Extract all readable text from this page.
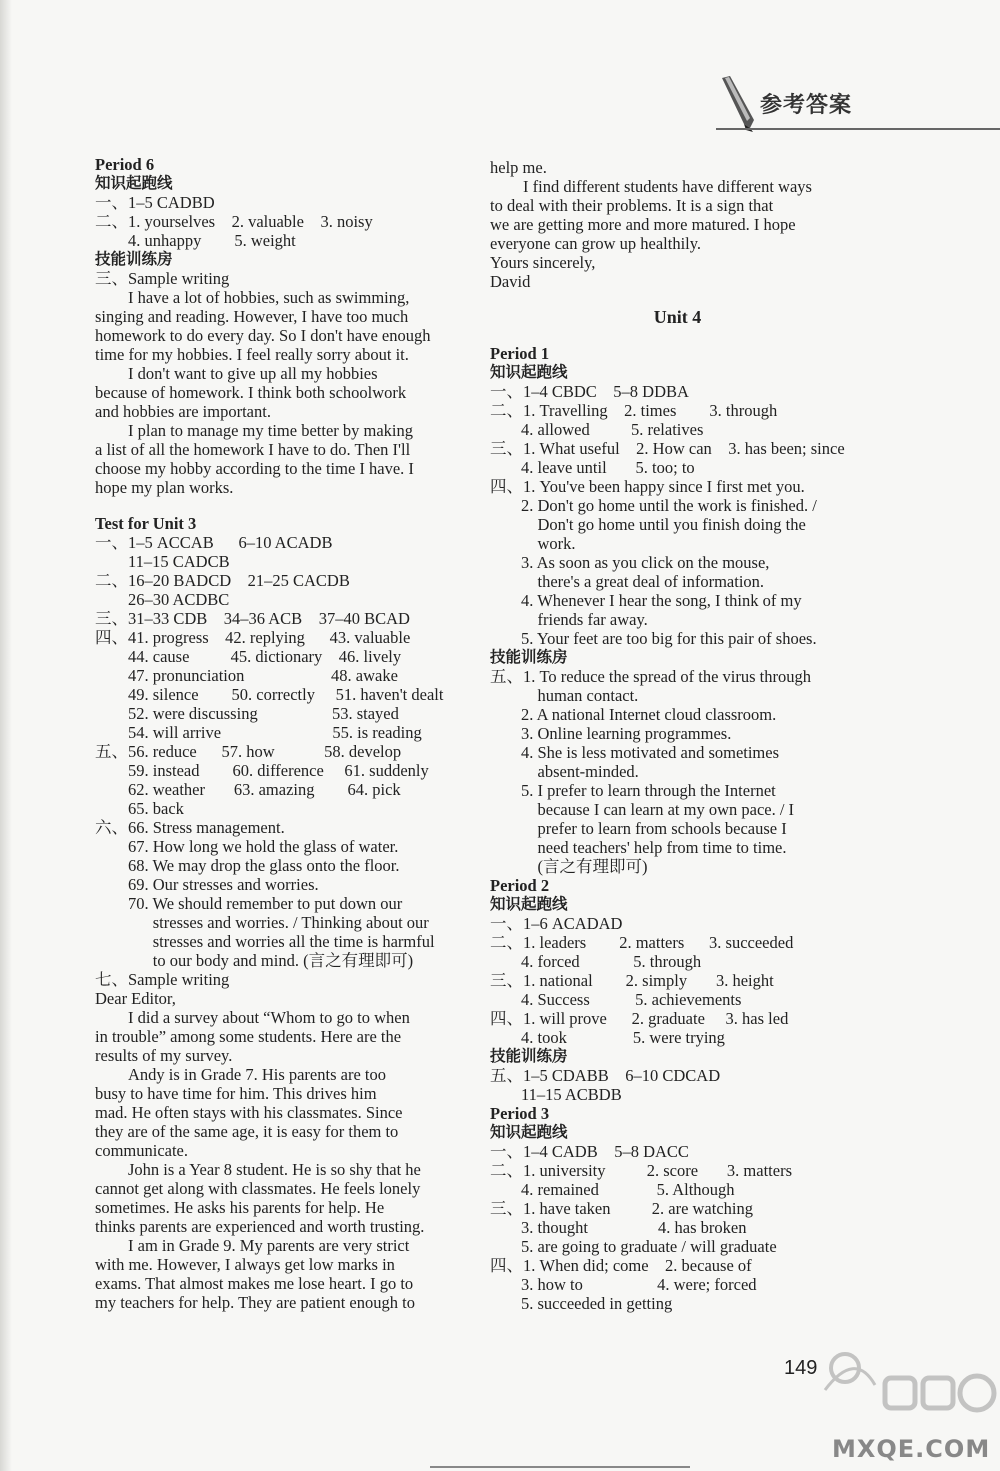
参考答案
Period 6
知识起跑线
一、1–5 CADBD
二、1. yourselves    2. valuable    3. noisy
4. unhappy        5. weight
技能训练房
三、Sample writing
I have a lot of hobbies, such as swimming,
singing and reading. However, I have too much
homework to do every day. So I don't have enough
time for my hobbies. I feel really sorry about it.
I don't want to give up all my hobbies
because of homework. I think both schoolwork
and hobbies are important.
I plan to manage my time better by making
a list of all the homework I have to do. Then I'll
choose my hobby according to the time I have. I
hope my plan works.
Test for Unit 3
一、1–5 ACCAB      6–10 ACADB
11–15 CADCB
二、16–20 BADCD    21–25 CACDB
26–30 ACDBC
三、31–33 CDB    34–36 ACB    37–40 BCAD
四、41. progress    42. replying      43. valuable
44. cause          45. dictionary    46. lively
47. pronunciation                     48. awake
49. silence        50. correctly     51. haven't dealt
52. were discussing                  53. stayed
54. will arrive                           55. is reading
五、56. reduce      57. how            58. develop
59. instead        60. difference     61. suddenly
62. weather       63. amazing        64. pick
65. back
六、66. Stress management.
67. How long we hold the glass of water.
68. We may drop the glass onto the floor.
69. Our stresses and worries.
70. We should remember to put down our
stresses and worries. / Thinking about our
stresses and worries all the time is harmful
to our body and mind. (言之有理即可)
七、Sample writing
Dear Editor,
I did a survey about “Whom to go to when
in trouble” among some students. Here are the
results of my survey.
Andy is in Grade 7. His parents are too
busy to have time for him. This drives him
mad. He often stays with his classmates. Since
they are of the same age, it is easy for them to
communicate.
John is a Year 8 student. He is so shy that he
cannot get along with classmates. He feels lonely
sometimes. He asks his parents for help. He
thinks parents are experienced and worth trusting.
I am in Grade 9. My parents are very strict
with me. However, I always get low marks in
exams. That almost makes me lose heart. I go to
my teachers for help. They are patient enough to
help me.
I find different students have different ways
to deal with their problems. It is a sign that
we are getting more and more matured. I hope
everyone can grow up healthily.
Yours sincerely,
David
Unit 4
Period 1
知识起跑线
一、1–4 CBDC    5–8 DDBA
二、1. Travelling    2. times        3. through
4. allowed          5. relatives
三、1. What useful    2. How can    3. has been; since
4. leave until       5. too; to
四、1. You've been happy since I first met you.
2. Don't go home until the work is finished. /
Don't go home until you finish doing the
work.
3. As soon as you click on the mouse,
there's a great deal of information.
4. Whenever I hear the song, I think of my
friends far away.
5. Your feet are too big for this pair of shoes.
技能训练房
五、1. To reduce the spread of the virus through
human contact.
2. A national Internet cloud classroom.
3. Online learning programmes.
4. She is less motivated and sometimes
absent-minded.
5. I prefer to learn through the Internet
because I can learn at my own pace. / I
prefer to learn from schools because I
need teachers' help from time to time.
(言之有理即可)
Period 2
知识起跑线
一、1–6 ACADAD
二、1. leaders        2. matters      3. succeeded
4. forced             5. through
三、1. national        2. simply       3. height
4. Success           5. achievements
四、1. will prove      2. graduate     3. has led
4. took                5. were trying
技能训练房
五、1–5 CDABB    6–10 CDCAD
11–15 ACBDB
Period 3
知识起跑线
一、1–4 CADB    5–8 DACC
二、1. university          2. score       3. matters
4. remained              5. Although
三、1. have taken          2. are watching
3. thought                 4. has broken
5. are going to graduate / will graduate
四、1. When did; come    2. because of
3. how to                  4. were; forced
5. succeeded in getting
149
MXQE.COM
